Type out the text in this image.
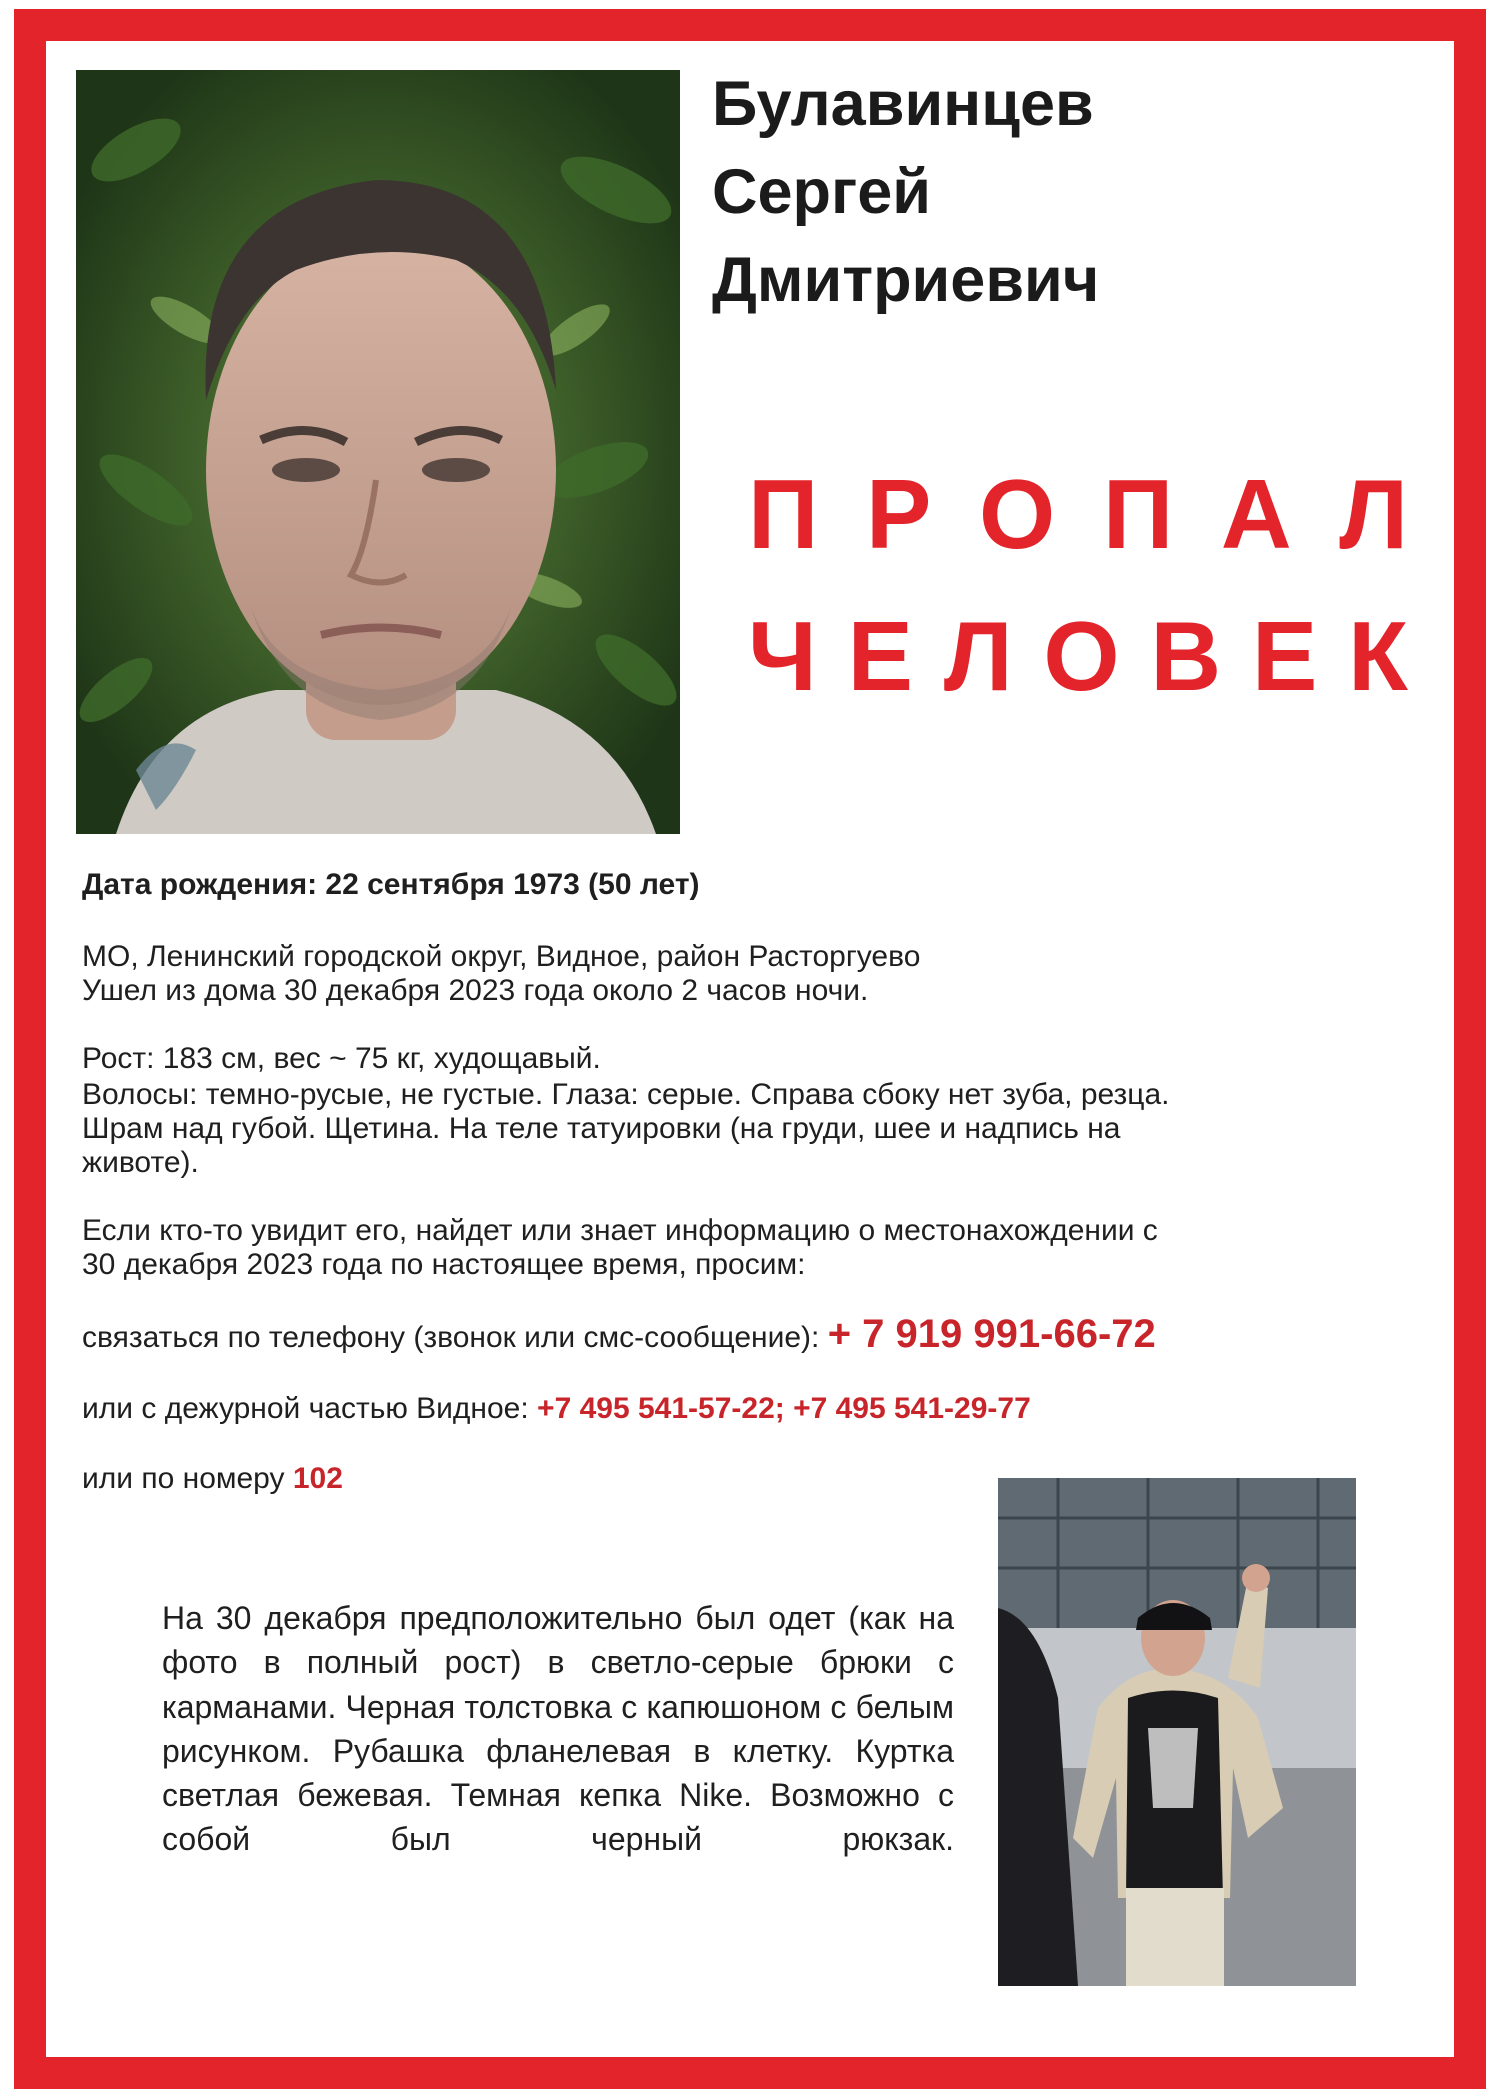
Булавинцев
Сергей
Дмитриевич
П Р О П А Л
Ч Е Л О В Е К
Дата рождения: 22 сентября 1973 (50 лет)
МО, Ленинский городской округ, Видное, район Расторгуево
Ушел из дома 30 декабря 2023 года около 2 часов ночи.
Рост: 183 см, вес ~ 75 кг, худощавый.
Волосы: темно-русые, не густые. Глаза: серые. Справа сбоку нет зуба, резца.
Шрам над губой. Щетина. На теле татуировки (на груди, шее и надпись на
животе).
Если кто-то увидит его, найдет или знает информацию о местонахождении с
30 декабря 2023 года по настоящее время, просим:
связаться по телефону (звонок или смс-сообщение): + 7 919 991-66-72
или с дежурной частью Видное: +7 495 541-57-22; +7 495 541-29-77
или по номеру 102
На 30 декабря предположительно был одет (как на фото в полный рост) в светло-серые брюки с карманами. Черная толстовка с капюшоном с белым рисунком. Рубашка фланелевая в клетку. Куртка светлая бежевая. Темная кепка Nike. Возможно с собой был черный рюкзак.
